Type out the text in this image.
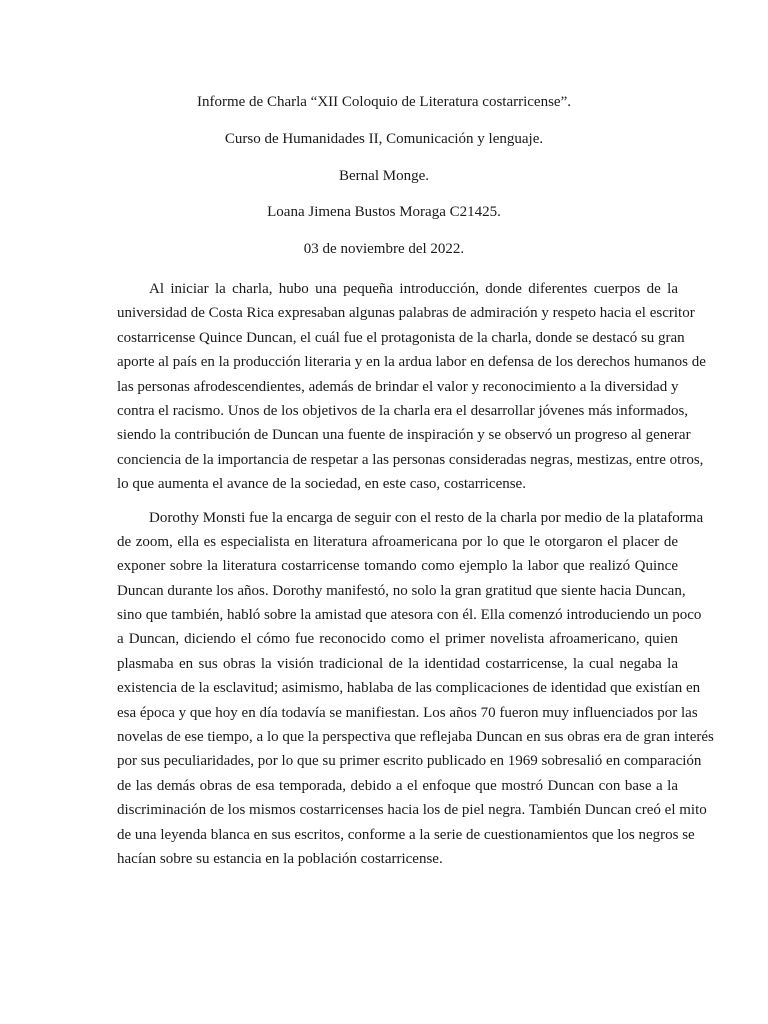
Informe de Charla “XII Coloquio de Literatura costarricense”.
Curso de Humanidades II, Comunicación y lenguaje.
Bernal Monge.
Loana Jimena Bustos Moraga C21425.
03 de noviembre del 2022.
Al iniciar la charla, hubo una pequeña introducción, donde diferentes cuerpos de la
universidad de Costa Rica expresaban algunas palabras de admiración y respeto hacia el escritor
costarricense Quince Duncan, el cuál fue el protagonista de la charla, donde se destacó su gran
aporte al país en la producción literaria y en la ardua labor en defensa de los derechos humanos de
las personas afrodescendientes, además de brindar el valor y reconocimiento a la diversidad y
contra el racismo. Unos de los objetivos de la charla era el desarrollar jóvenes más informados,
siendo la contribución de Duncan una fuente de inspiración y se observó un progreso al generar
conciencia de la importancia de respetar a las personas consideradas negras, mestizas, entre otros,
lo que aumenta el avance de la sociedad, en este caso, costarricense.
Dorothy Monsti fue la encarga de seguir con el resto de la charla por medio de la plataforma
de zoom, ella es especialista en literatura afroamericana por lo que le otorgaron el placer de
exponer sobre la literatura costarricense tomando como ejemplo la labor que realizó Quince
Duncan durante los años. Dorothy manifestó, no solo la gran gratitud que siente hacia Duncan,
sino que también, habló sobre la amistad que atesora con él. Ella comenzó introduciendo un poco
a Duncan, diciendo el cómo fue reconocido como el primer novelista afroamericano, quien
plasmaba en sus obras la visión tradicional de la identidad costarricense, la cual negaba la
existencia de la esclavitud; asimismo, hablaba de las complicaciones de identidad que existían en
esa época y que hoy en día todavía se manifiestan. Los años 70 fueron muy influenciados por las
novelas de ese tiempo, a lo que la perspectiva que reflejaba Duncan en sus obras era de gran interés
por sus peculiaridades, por lo que su primer escrito publicado en 1969 sobresalió en comparación
de las demás obras de esa temporada, debido a el enfoque que mostró Duncan con base a la
discriminación de los mismos costarricenses hacia los de piel negra. También Duncan creó el mito
de una leyenda blanca en sus escritos, conforme a la serie de cuestionamientos que los negros se
hacían sobre su estancia en la población costarricense.
